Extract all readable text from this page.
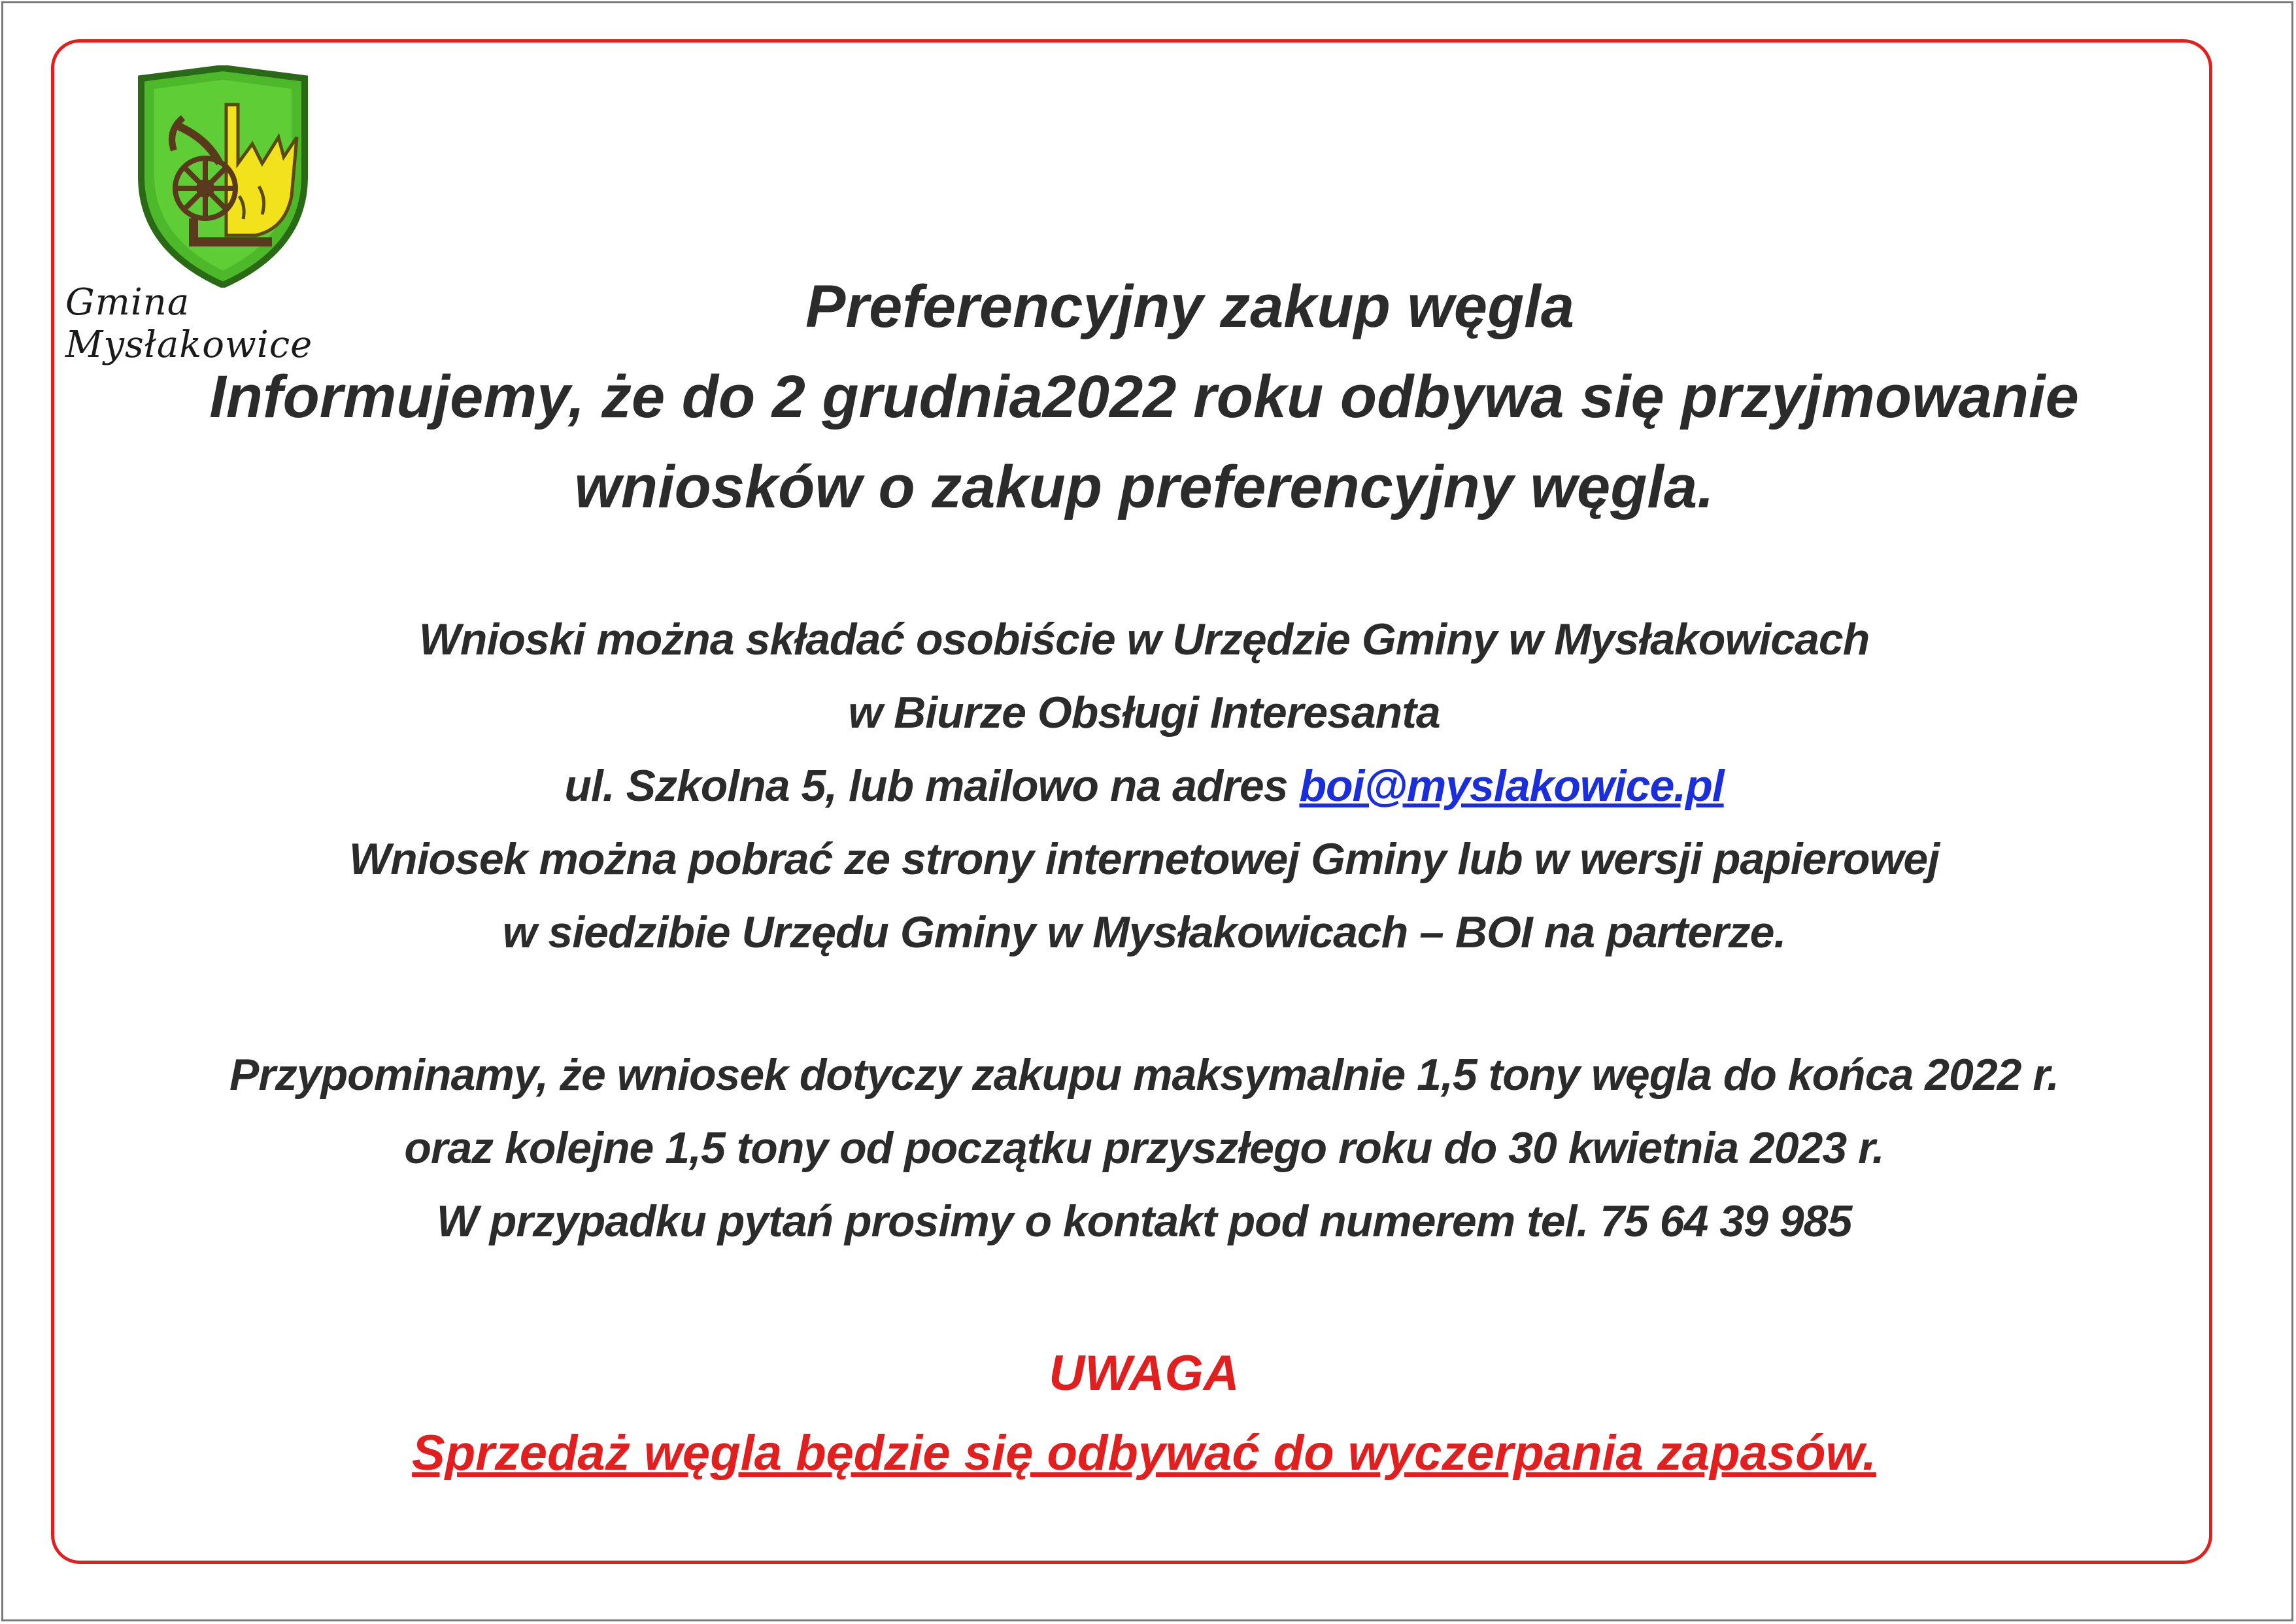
Gmina Mysłakowice

Preferencyjny zakup węgla

Informujemy, że do 2 grudnia2022 roku odbywa się przyjmowanie

wniosków o zakup preferencyjny węgla.

Wnioski można składać osobiście w Urzędzie Gminy w Mysłakowicach

w Biurze Obsługi Interesanta

ul. Szkolna 5, lub mailowo na adres boi@myslakowice.pl

Wniosek można pobrać ze strony internetowej Gminy lub w wersji papierowej

w siedzibie Urzędu Gminy w Mysłakowicach – BOI na parterze.

Przypominamy, że wniosek dotyczy zakupu maksymalnie 1,5 tony węgla do końca 2022 r.

oraz kolejne 1,5 tony od początku przyszłego roku do 30 kwietnia 2023 r.

W przypadku pytań prosimy o kontakt pod numerem tel. 75 64 39 985

UWAGA

Sprzedaż węgla będzie się odbywać do wyczerpania zapasów.
